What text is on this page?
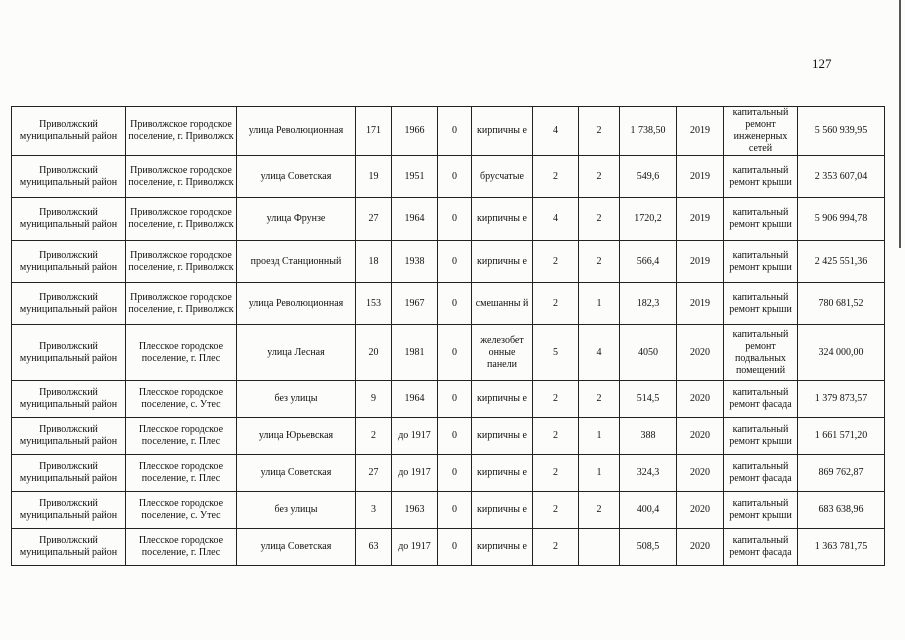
127
Приволжский муниципальный район	Приволжское городское поселение, г. Приволжск	улица Революционная	171	1966	0	кирпичны е	4	2	1 738,50	2019	капитальный ремонт инженерных сетей	5 560 939,95
Приволжский муниципальный район	Приволжское городское поселение, г. Приволжск	улица Советская	19	1951	0	брусчатые	2	2	549,6	2019	капитальный ремонт крыши	2 353 607,04
Приволжский муниципальный район	Приволжское городское поселение, г. Приволжск	улица Фрунзе	27	1964	0	кирпичны е	4	2	1720,2	2019	капитальный ремонт крыши	5 906 994,78
Приволжский муниципальный район	Приволжское городское поселение, г. Приволжск	проезд Станционный	18	1938	0	кирпичны е	2	2	566,4	2019	капитальный ремонт крыши	2 425 551,36
Приволжский муниципальный район	Приволжское городское поселение, г. Приволжск	улица Революционная	153	1967	0	смешанны й	2	1	182,3	2019	капитальный ремонт крыши	780 681,52
Приволжский муниципальный район	Плесское городское поселение, г. Плес	улица Лесная	20	1981	0	железобет онные панели	5	4	4050	2020	капитальный ремонт подвальных помещений	324 000,00
Приволжский муниципальный район	Плесское городское поселение, с. Утес	без улицы	9	1964	0	кирпичны е	2	2	514,5	2020	капитальный ремонт фасада	1 379 873,57
Приволжский муниципальный район	Плесское городское поселение, г. Плес	улица Юрьевская	2	до 1917	0	кирпичны е	2	1	388	2020	капитальный ремонт крыши	1 661 571,20
Приволжский муниципальный район	Плесское городское поселение, г. Плес	улица Советская	27	до 1917	0	кирпичны е	2	1	324,3	2020	капитальный ремонт фасада	869 762,87
Приволжский муниципальный район	Плесское городское поселение, с. Утес	без улицы	3	1963	0	кирпичны е	2	2	400,4	2020	капитальный ремонт крыши	683 638,96
Приволжский муниципальный район	Плесское городское поселение, г. Плес	улица Советская	63	до 1917	0	кирпичны е	2		508,5	2020	капитальный ремонт фасада	1 363 781,75
